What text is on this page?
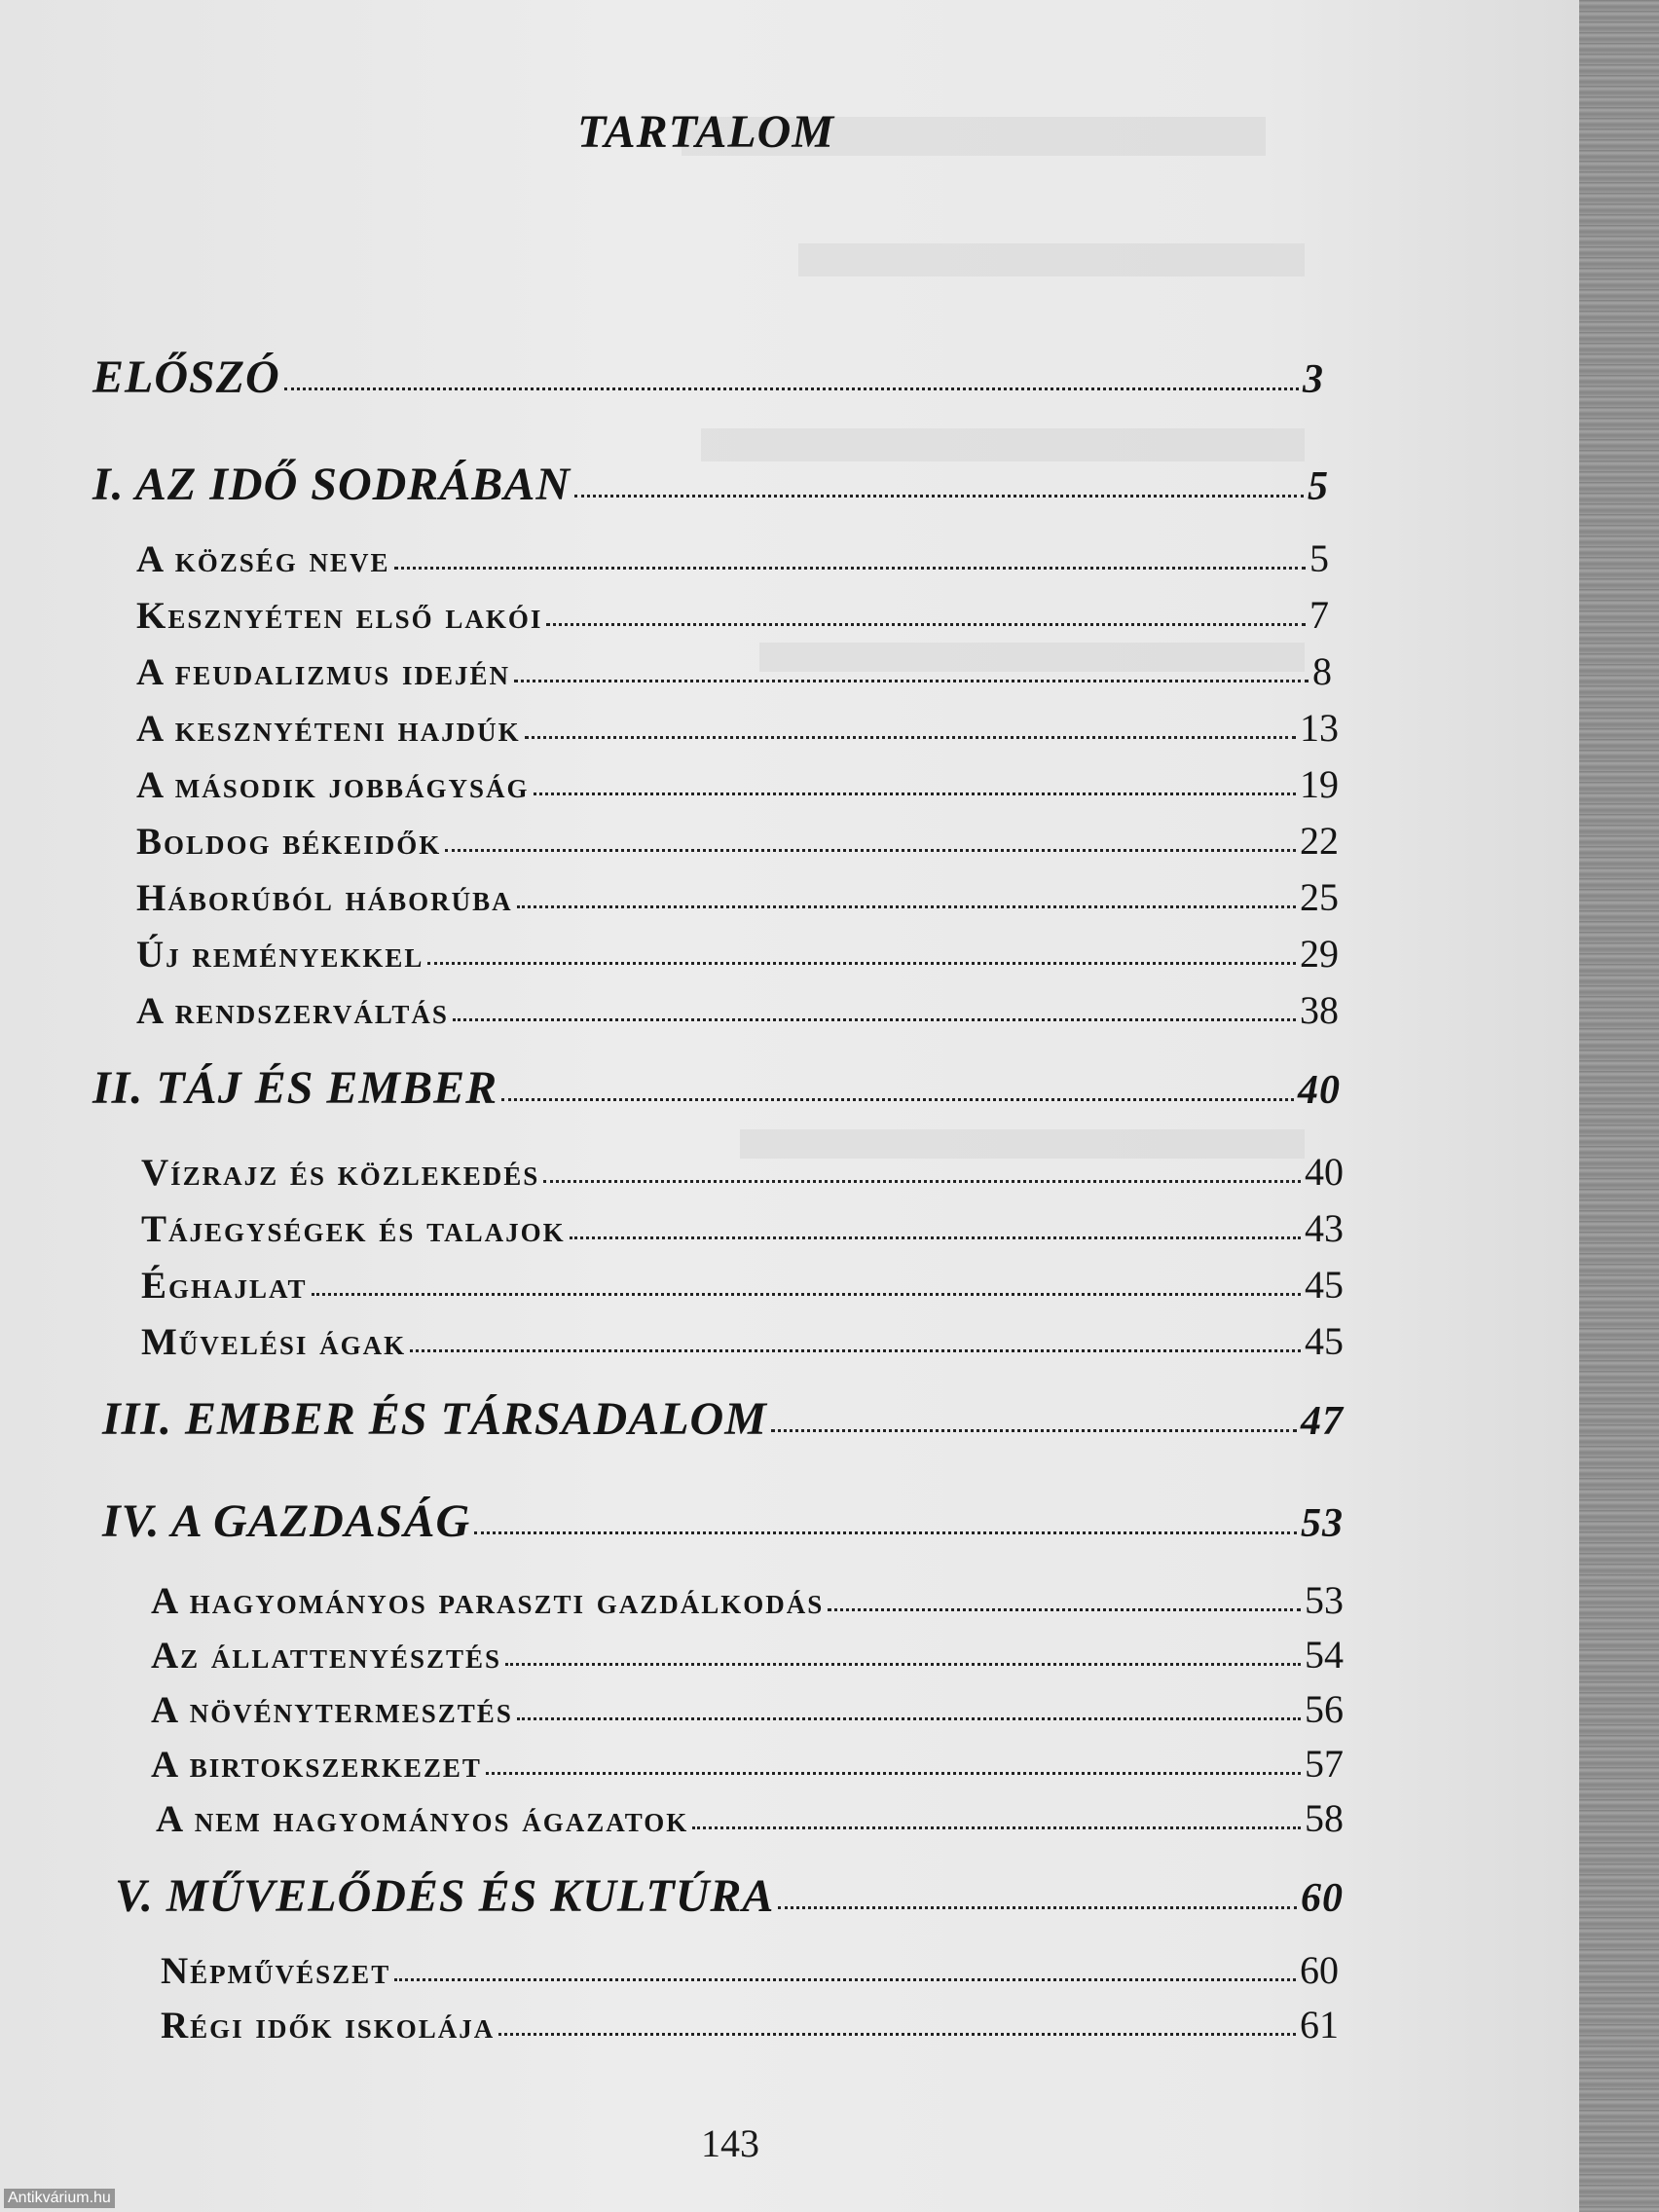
TARTALOM
ELŐSZÓ	3
I. AZ IDŐ SODRÁBAN	5
A község neve	5
Kesznyéten első lakói	7
A feudalizmus idején	8
A kesznyéteni hajdúk	13
A második jobbágyság	19
Boldog békeidők	22
Háborúból háborúba	25
Új reményekkel	29
A rendszerváltás	38
II. TÁJ ÉS EMBER	40
Vízrajz és közlekedés	40
Tájegységek és talajok	43
Éghajlat	45
Művelési ágak	45
III. EMBER ÉS TÁRSADALOM	47
IV. A GAZDASÁG	53
A hagyományos paraszti gazdálkodás	53
Az állattenyésztés	54
A növénytermesztés	56
A birtokszerkezet	57
A nem hagyományos ágazatok	58
V. MŰVELŐDÉS ÉS KULTÚRA	60
Népművészet	60
Régi idők iskolája	61
143
Antikvárium.hu
